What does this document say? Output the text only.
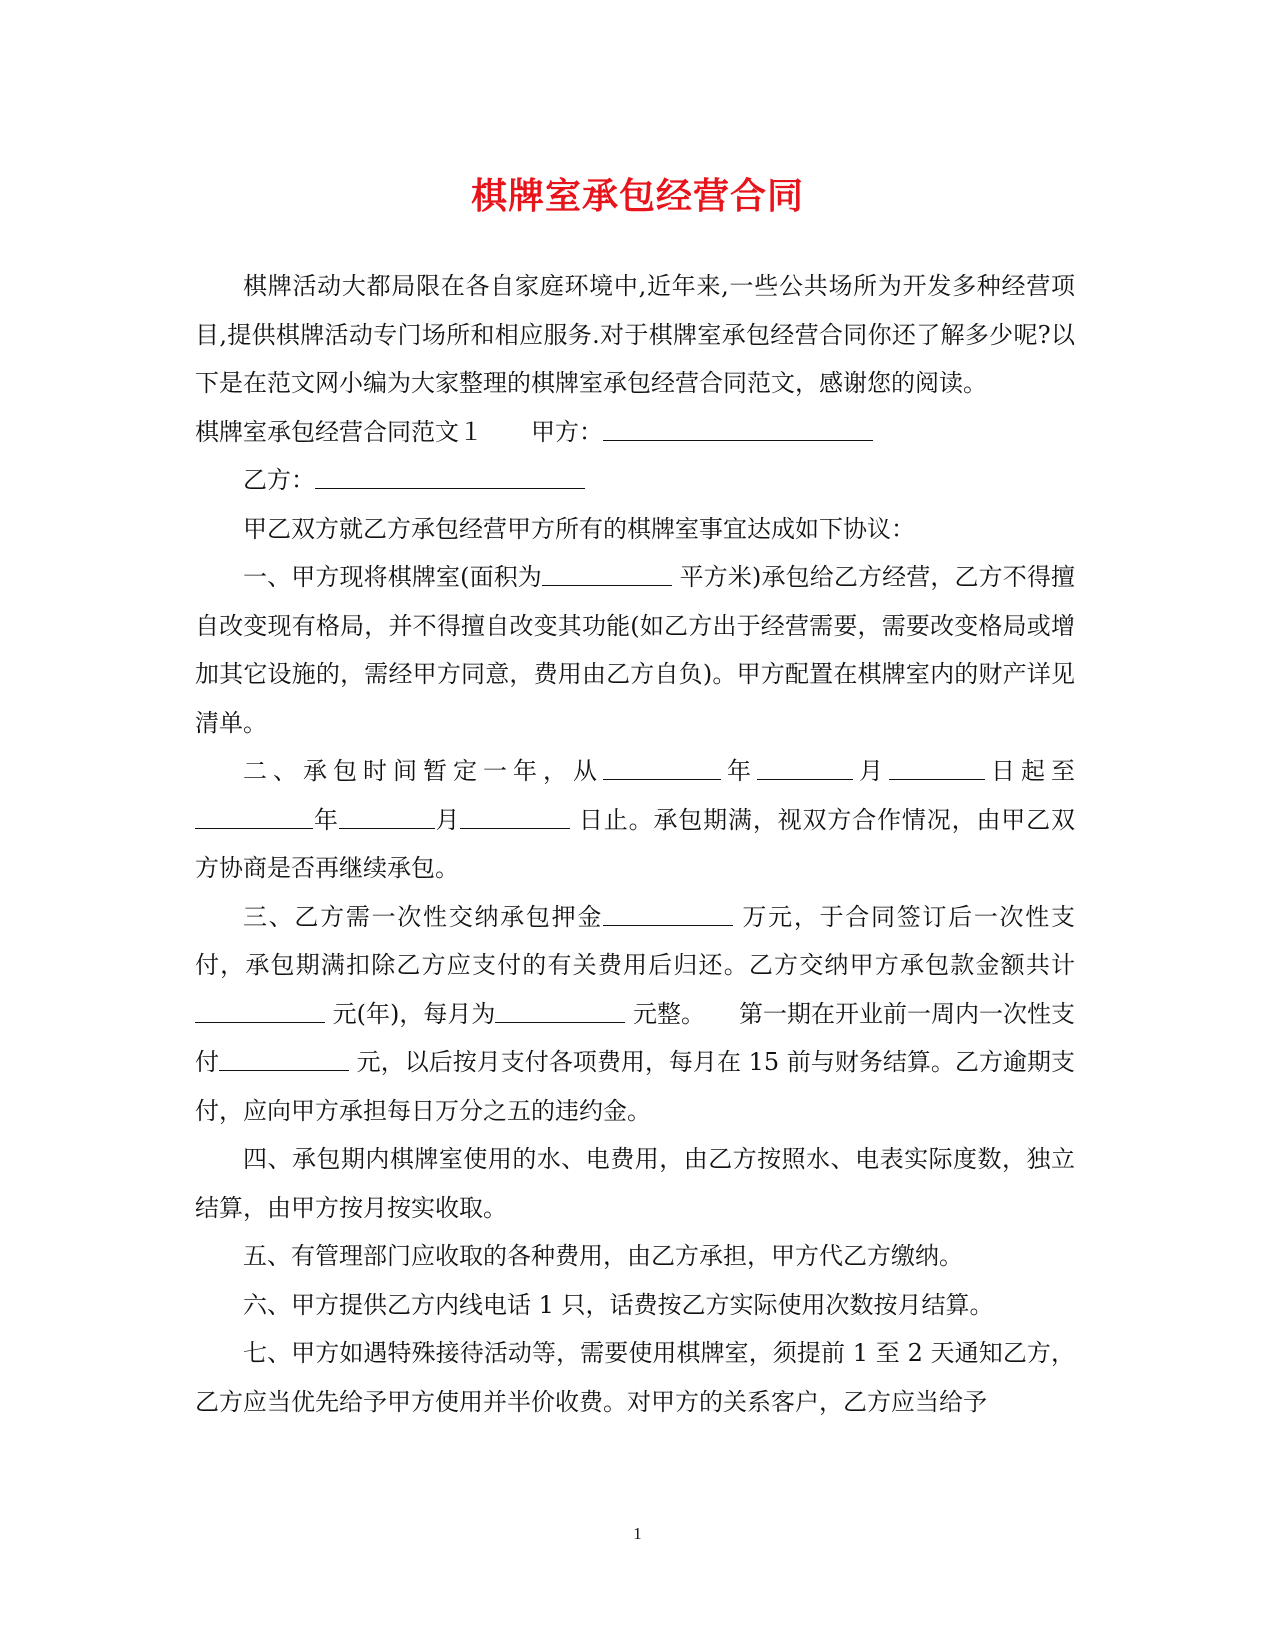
棋牌室承包经营合同

棋牌活动大都局限在各自家庭环境中,近年来,一些公共场所为开发多种经营项目,提供棋牌活动专门场所和相应服务.对于棋牌室承包经营合同你还了解多少呢?以下是在范文网小编为大家整理的棋牌室承包经营合同范文，感谢您的阅读。

棋牌室承包经营合同范文１ 甲方：

乙方：

甲乙双方就乙方承包经营甲方所有的棋牌室事宜达成如下协议：

一、甲方现将棋牌室(面积为	平方米)承包给乙方经营，乙方不得擅自改变现有格局，并不得擅自改变其功能(如乙方出于经营需要，需要改变格局或增加其它设施的，需经甲方同意，费用由乙方自负)。甲方配置在棋牌室内的财产详见清单。

二、承包时间暂定一年，从	年	月	日起至年	月	日止。承包期满，视双方合作情况，由甲乙双方协商是否再继续承包。

三、乙方需一次性交纳承包押金	万元，于合同签订后一次性支付，承包期满扣除乙方应支付的有关费用后归还。乙方交纳甲方承包款金额共计 元(年)，每月为	元整。 第一期在开业前一周内一次性支付	元，以后按月支付各项费用，每月在 15 前与财务结算。乙方逾期支付，应向甲方承担每日万分之五的违约金。

四、承包期内棋牌室使用的水、电费用，由乙方按照水、电表实际度数，独立结算，由甲方按月按实收取。

五、有管理部门应收取的各种费用，由乙方承担，甲方代乙方缴纳。

六、甲方提供乙方内线电话 1 只，话费按乙方实际使用次数按月结算。

七、甲方如遇特殊接待活动等，需要使用棋牌室，须提前 1 至 2 天通知乙方，乙方应当优先给予甲方使用并半价收费。对甲方的关系客户，乙方应当给予

1
